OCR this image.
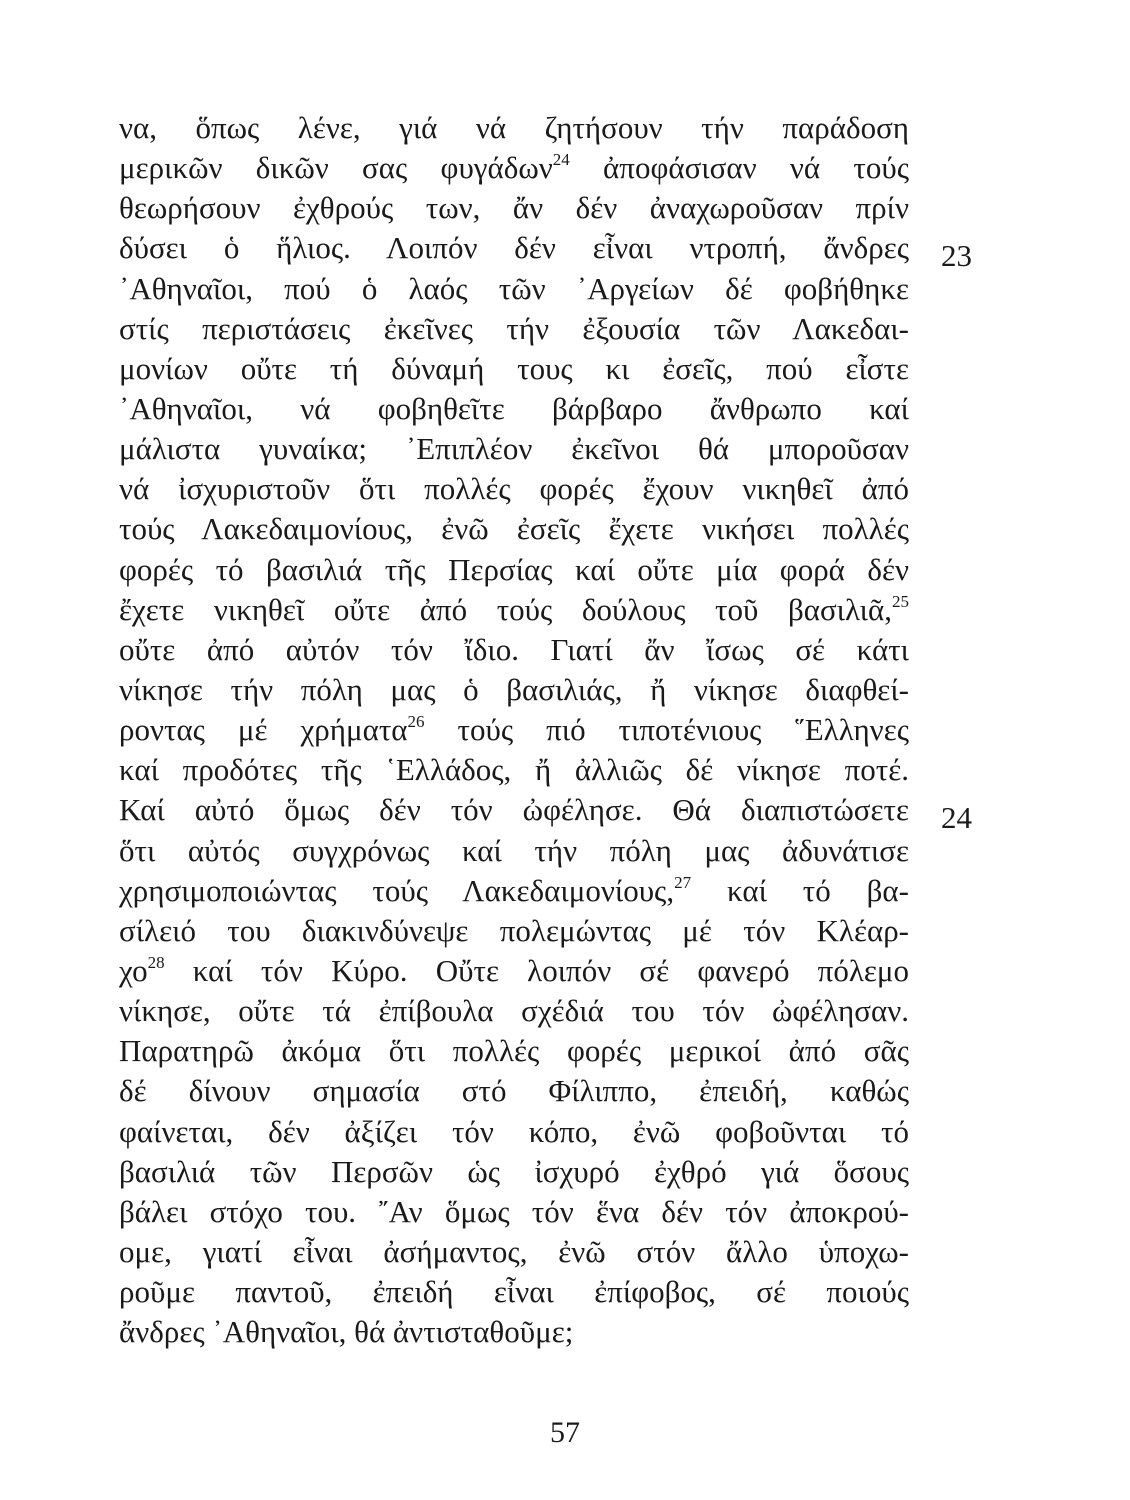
να, ὅπως λένε, γιά νά ζητήσουν τήν παράδοση
μερικῶν δικῶν σας φυγάδων$^{24}$ ἀποφάσισαν νά τούς
θεωρήσουν ἐχθρούς των, ἄν δέν ἀναχωροῦσαν πρίν
δύσει ὁ ἥλιος. Λοιπόν δέν εἶναι ντροπή, ἄνδρες
᾿Αθηναῖοι, πού ὁ λαός τῶν ᾿Αργείων δέ φοβήθηκε
στίς περιστάσεις ἐκεῖνες τήν ἐξουσία τῶν Λακεδαι-
μονίων οὔτε τή δύναμή τους κι ἐσεῖς, πού εἶστε
᾿Αθηναῖοι, νά φοβηθεῖτε βάρβαρο ἄνθρωπο καί
μάλιστα γυναίκα; ᾿Επιπλέον ἐκεῖνοι θά μποροῦσαν
νά ἰσχυριστοῦν ὅτι πολλές φορές ἔχουν νικηθεῖ ἀπό
τούς Λακεδαιμονίους, ἐνῶ ἐσεῖς ἔχετε νικήσει πολλές
φορές τό βασιλιά τῆς Περσίας καί οὔτε μία φορά δέν
ἔχετε νικηθεῖ οὔτε ἀπό τούς δούλους τοῦ βασιλιᾶ,$^{25}$
οὔτε ἀπό αὐτόν τόν ἴδιο. Γιατί ἄν ἴσως σέ κάτι
νίκησε τήν πόλη μας ὁ βασιλιάς, ἤ νίκησε διαφθεί-
ροντας μέ χρήματα$^{26}$ τούς πιό τιποτένιους ῞Ελληνες
καί προδότες τῆς ῾Ελλάδος, ἤ ἀλλιῶς δέ νίκησε ποτέ.
Καί αὐτό ὅμως δέν τόν ὠφέλησε. Θά διαπιστώσετε
ὅτι αὐτός συγχρόνως καί τήν πόλη μας ἀδυνάτισε
χρησιμοποιώντας τούς Λακεδαιμονίους,$^{27}$ καί τό βα-
σίλειό του διακινδύνεψε πολεμώντας μέ τόν Κλέαρ-
$\chi o^{28}$ καί τόν Κύρο. Οὔτε λοιπόν σέ φανερό πόλεμο
νίκησε, οὔτε τά ἐπίβουλα σχέδιά του τόν ὠφέλησαν.
Παρατηρῶ ἀκόμα ὅτι πολλές φορές μερικοί ἀπό σᾶς
δέ δίνουν σημασία στό Φίλιππο, ἐπειδή, καθώς
φαίνεται, δέν ἀξίζει τόν κόπο, ἐνῶ φοβοῦνται τό
βασιλιά τῶν Περσῶν ὡς ἰσχυρό ἐχθρό γιά ὅσους
βάλει στόχο του. ῎Αν ὅμως τόν ἕνα δέν τόν ἀποκρού-
ομε, γιατί εἶναι ἀσήμαντος, ἐνῶ στόν ἄλλο ὑποχω-
ροῦμε παντοῦ, ἐπειδή εἶναι ἐπίφοβος, σέ ποιούς
ἄνδρες ᾿Αθηναῖοι, θά ἀντισταθοῦμε;
23
24
57
